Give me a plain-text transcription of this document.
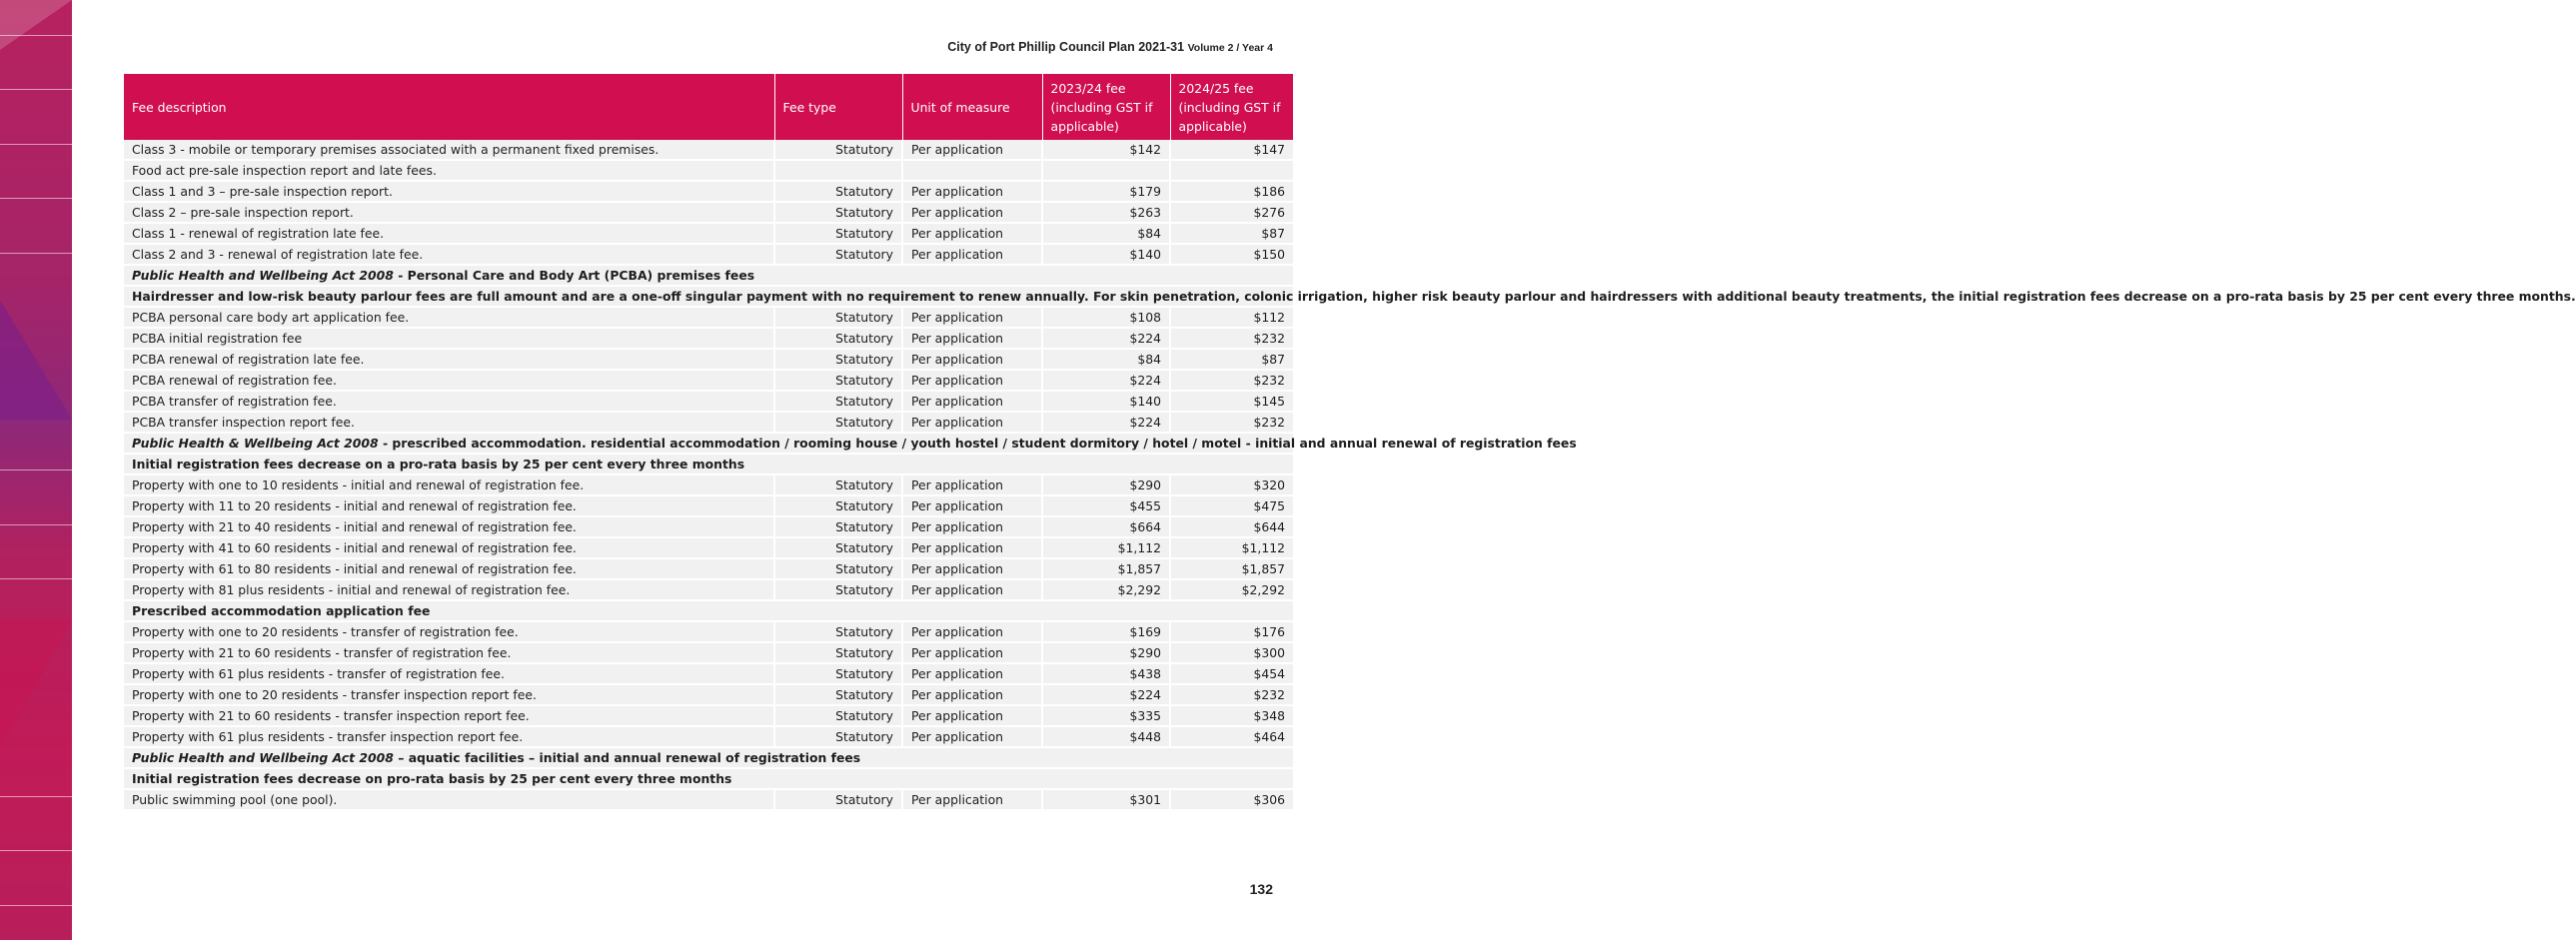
City of Port Phillip Council Plan 2021-31 Volume 2 / Year 4
Fee description	Fee type	Unit of measure	2023/24 fee (including GST if applicable)	2024/25 fee (including GST if applicable)
Class 3 - mobile or temporary premises associated with a permanent fixed premises.	Statutory	Per application	$142	$147
Food act pre-sale inspection report and late fees.				
Class 1 and 3 – pre-sale inspection report.	Statutory	Per application	$179	$186
Class 2 – pre-sale inspection report.	Statutory	Per application	$263	$276
Class 1 - renewal of registration late fee.	Statutory	Per application	$84	$87
Class 2 and 3 - renewal of registration late fee.	Statutory	Per application	$140	$150
Public Health and Wellbeing Act 2008 - Personal Care and Body Art (PCBA) premises fees				
Hairdresser and low-risk beauty parlour fees are full amount and are a one-off singular payment with no requirement to renew annually. For skin penetration, colonic irrigation, higher risk beauty parlour and hairdressers with additional beauty treatments, the initial registration fees decrease on a pro-rata basis by 25 per cent every three months.				
PCBA personal care body art application fee.	Statutory	Per application	$108	$112
PCBA initial registration fee	Statutory	Per application	$224	$232
PCBA renewal of registration late fee.	Statutory	Per application	$84	$87
PCBA renewal of registration fee.	Statutory	Per application	$224	$232
PCBA transfer of registration fee.	Statutory	Per application	$140	$145
PCBA transfer inspection report fee.	Statutory	Per application	$224	$232
Public Health & Wellbeing Act 2008 - prescribed accommodation. residential accommodation / rooming house / youth hostel / student dormitory / hotel / motel - initial and annual renewal of registration fees				
Initial registration fees decrease on a pro-rata basis by 25 per cent every three months				
Property with one to 10 residents - initial and renewal of registration fee.	Statutory	Per application	$290	$320
Property with 11 to 20 residents - initial and renewal of registration fee.	Statutory	Per application	$455	$475
Property with 21 to 40 residents - initial and renewal of registration fee.	Statutory	Per application	$664	$644
Property with 41 to 60 residents - initial and renewal of registration fee.	Statutory	Per application	$1,112	$1,112
Property with 61 to 80 residents - initial and renewal of registration fee.	Statutory	Per application	$1,857	$1,857
Property with 81 plus residents - initial and renewal of registration fee.	Statutory	Per application	$2,292	$2,292
Prescribed accommodation application fee				
Property with one to 20 residents - transfer of registration fee.	Statutory	Per application	$169	$176
Property with 21 to 60 residents - transfer of registration fee.	Statutory	Per application	$290	$300
Property with 61 plus residents - transfer of registration fee.	Statutory	Per application	$438	$454
Property with one to 20 residents - transfer inspection report fee.	Statutory	Per application	$224	$232
Property with 21 to 60 residents - transfer inspection report fee.	Statutory	Per application	$335	$348
Property with 61 plus residents - transfer inspection report fee.	Statutory	Per application	$448	$464
Public Health and Wellbeing Act 2008 – aquatic facilities – initial and annual renewal of registration fees				
Initial registration fees decrease on pro-rata basis by 25 per cent every three months				
Public swimming pool (one pool).	Statutory	Per application	$301	$306
132
